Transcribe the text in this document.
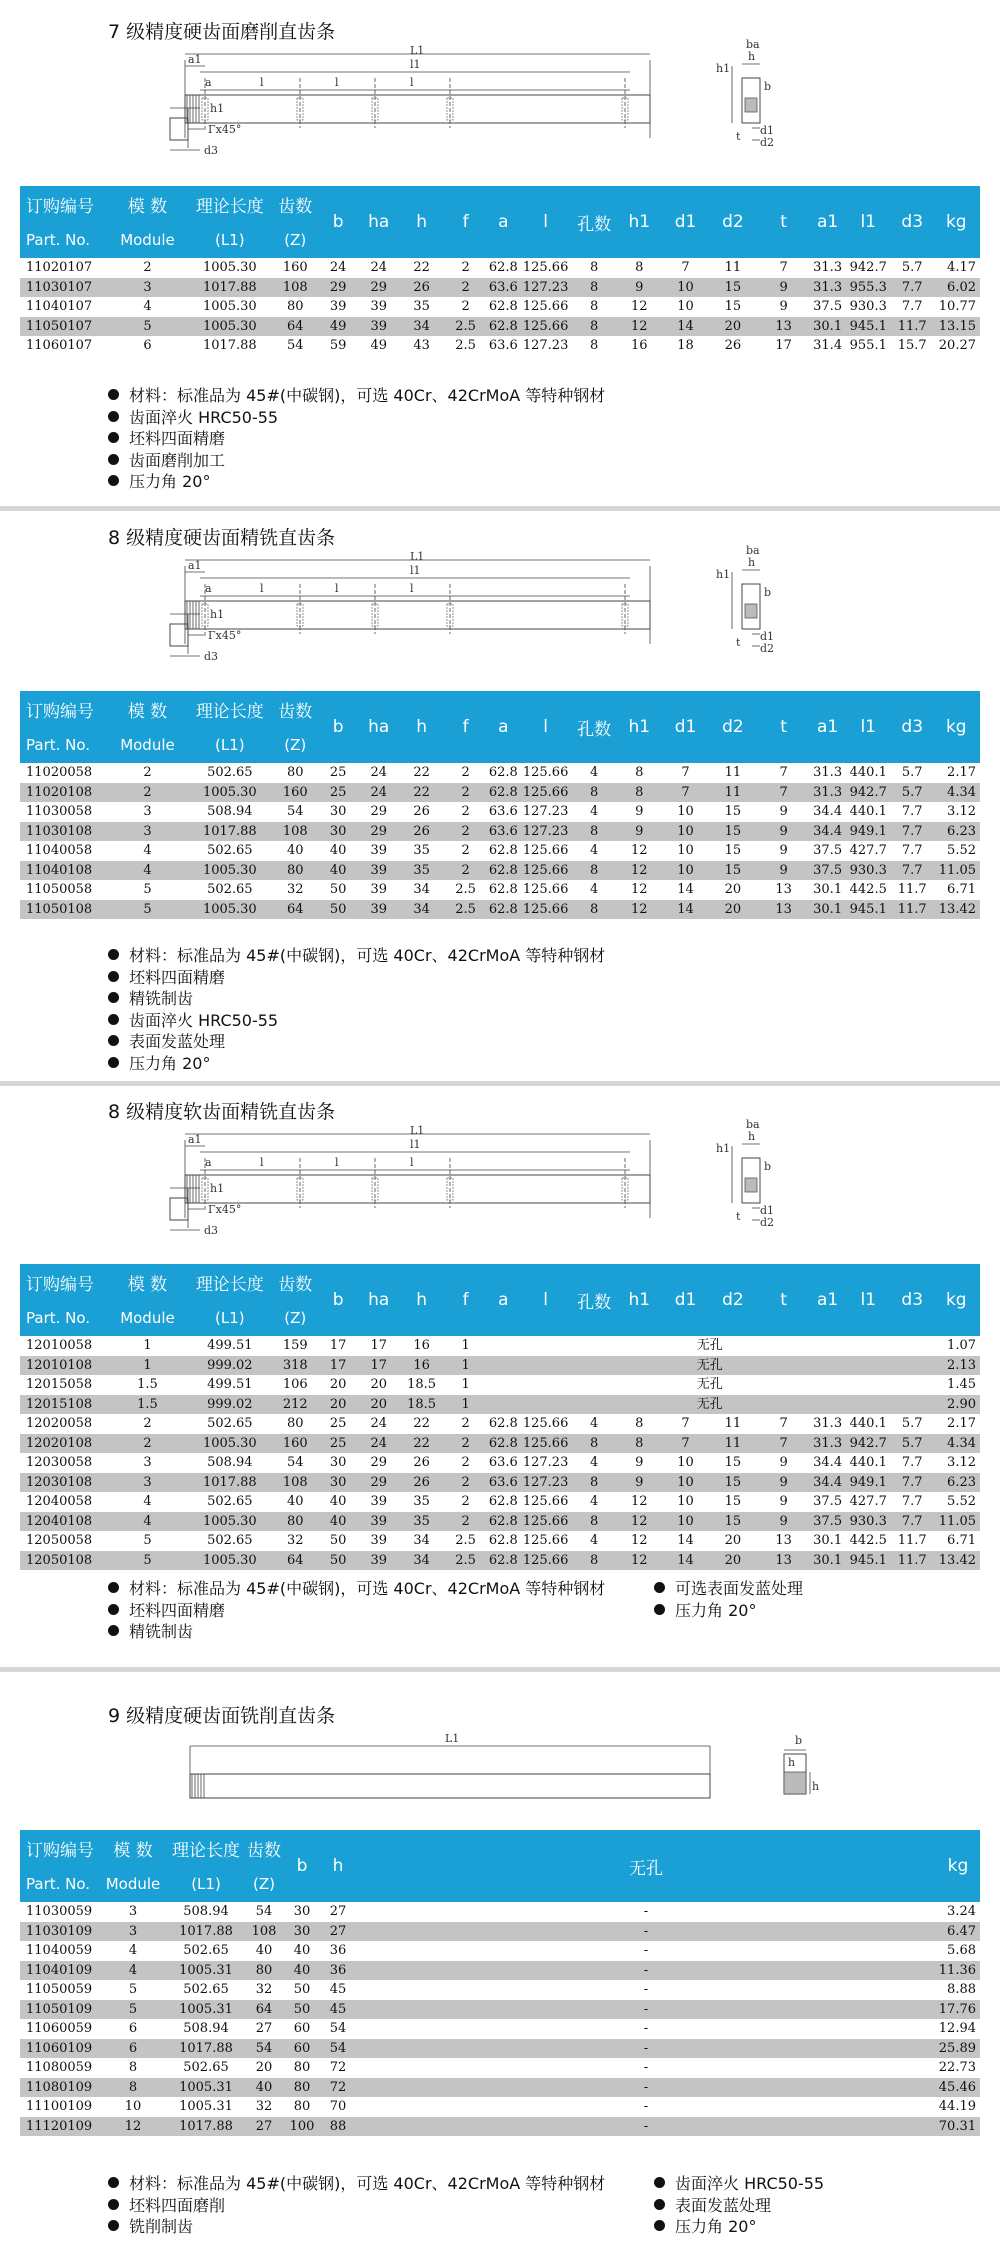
7 级精度硬齿面磨削直齿条
h1
Γx45°
d3
L1
l1
a1
a	l	l	l
ba
h
h1
b
d1
d2
t
订购编号	模 数	理论长度	齿数	b	ha	h	f	a	l	孔数	h1	d1	d2	t	a1	l1	d3	kg
Part. No.	Module	(L1)	(Z)															
11020107	2	1005.30	160	24	24	22	2	62.8	125.66	8	8	7	11	7	31.3	942.7	5.7	4.17
11030107	3	1017.88	108	29	29	26	2	63.6	127.23	8	9	10	15	9	31.3	955.3	7.7	6.02
11040107	4	1005.30	80	39	39	35	2	62.8	125.66	8	12	10	15	9	37.5	930.3	7.7	10.77
11050107	5	1005.30	64	49	39	34	2.5	62.8	125.66	8	12	14	20	13	30.1	945.1	11.7	13.15
11060107	6	1017.88	54	59	49	43	2.5	63.6	127.23	8	16	18	26	17	31.4	955.1	15.7	20.27
材料：标准品为 45#(中碳钢)，可选 40Cr、42CrMoA 等特种钢材
齿面淬火 HRC50-55
坯料四面精磨
齿面磨削加工
压力角 20°
8 级精度硬齿面精铣直齿条
h1
Γx45°
d3
L1
l1
a1
a	l	l	l
ba
h
h1
b
d1
d2
t
订购编号	模 数	理论长度	齿数	b	ha	h	f	a	l	孔数	h1	d1	d2	t	a1	l1	d3	kg
Part. No.	Module	(L1)	(Z)															
11020058	2	502.65	80	25	24	22	2	62.8	125.66	4	8	7	11	7	31.3	440.1	5.7	2.17
11020108	2	1005.30	160	25	24	22	2	62.8	125.66	8	8	7	11	7	31.3	942.7	5.7	4.34
11030058	3	508.94	54	30	29	26	2	63.6	127.23	4	9	10	15	9	34.4	440.1	7.7	3.12
11030108	3	1017.88	108	30	29	26	2	63.6	127.23	8	9	10	15	9	34.4	949.1	7.7	6.23
11040058	4	502.65	40	40	39	35	2	62.8	125.66	4	12	10	15	9	37.5	427.7	7.7	5.52
11040108	4	1005.30	80	40	39	35	2	62.8	125.66	8	12	10	15	9	37.5	930.3	7.7	11.05
11050058	5	502.65	32	50	39	34	2.5	62.8	125.66	4	12	14	20	13	30.1	442.5	11.7	6.71
11050108	5	1005.30	64	50	39	34	2.5	62.8	125.66	8	12	14	20	13	30.1	945.1	11.7	13.42
材料：标准品为 45#(中碳钢)，可选 40Cr、42CrMoA 等特种钢材
坯料四面精磨
精铣制齿
齿面淬火 HRC50-55
表面发蓝处理
压力角 20°
8 级精度软齿面精铣直齿条
h1
Γx45°
d3
L1
l1
a1
a	l	l	l
ba
h
h1
b
d1
d2
t
订购编号	模 数	理论长度	齿数	b	ha	h	f	a	l	孔数	h1	d1	d2	t	a1	l1	d3	kg
Part. No.	Module	(L1)	(Z)															
12010058	1	499.51	159	17	17	16	1	无孔										1.07
12010108	1	999.02	318	17	17	16	1	无孔										2.13
12015058	1.5	499.51	106	20	20	18.5	1	无孔										1.45
12015108	1.5	999.02	212	20	20	18.5	1	无孔										2.90
12020058	2	502.65	80	25	24	22	2	62.8	125.66	4	8	7	11	7	31.3	440.1	5.7	2.17
12020108	2	1005.30	160	25	24	22	2	62.8	125.66	8	8	7	11	7	31.3	942.7	5.7	4.34
12030058	3	508.94	54	30	29	26	2	63.6	127.23	4	9	10	15	9	34.4	440.1	7.7	3.12
12030108	3	1017.88	108	30	29	26	2	63.6	127.23	8	9	10	15	9	34.4	949.1	7.7	6.23
12040058	4	502.65	40	40	39	35	2	62.8	125.66	4	12	10	15	9	37.5	427.7	7.7	5.52
12040108	4	1005.30	80	40	39	35	2	62.8	125.66	8	12	10	15	9	37.5	930.3	7.7	11.05
12050058	5	502.65	32	50	39	34	2.5	62.8	125.66	4	12	14	20	13	30.1	442.5	11.7	6.71
12050108	5	1005.30	64	50	39	34	2.5	62.8	125.66	8	12	14	20	13	30.1	945.1	11.7	13.42
材料：标准品为 45#(中碳钢)，可选 40Cr、42CrMoA 等特种钢材
坯料四面精磨
精铣制齿
可选表面发蓝处理
压力角 20°
9 级精度硬齿面铣削直齿条
L1	b
h
h
订购编号	模 数	理论长度	齿数	b	h	无孔	kg
Part. No.	Module	(L1)	(Z)				
11030059	3	508.94	54	30	27	-	3.24
11030109	3	1017.88	108	30	27	-	6.47
11040059	4	502.65	40	40	36	-	5.68
11040109	4	1005.31	80	40	36	-	11.36
11050059	5	502.65	32	50	45	-	8.88
11050109	5	1005.31	64	50	45	-	17.76
11060059	6	508.94	27	60	54	-	12.94
11060109	6	1017.88	54	60	54	-	25.89
11080059	8	502.65	20	80	72	-	22.73
11080109	8	1005.31	40	80	72	-	45.46
11100109	10	1005.31	32	80	70	-	44.19
11120109	12	1017.88	27	100	88	-	70.31
材料：标准品为 45#(中碳钢)，可选 40Cr、42CrMoA 等特种钢材
坯料四面磨削
铣削制齿
齿面淬火 HRC50-55
表面发蓝处理
压力角 20°
